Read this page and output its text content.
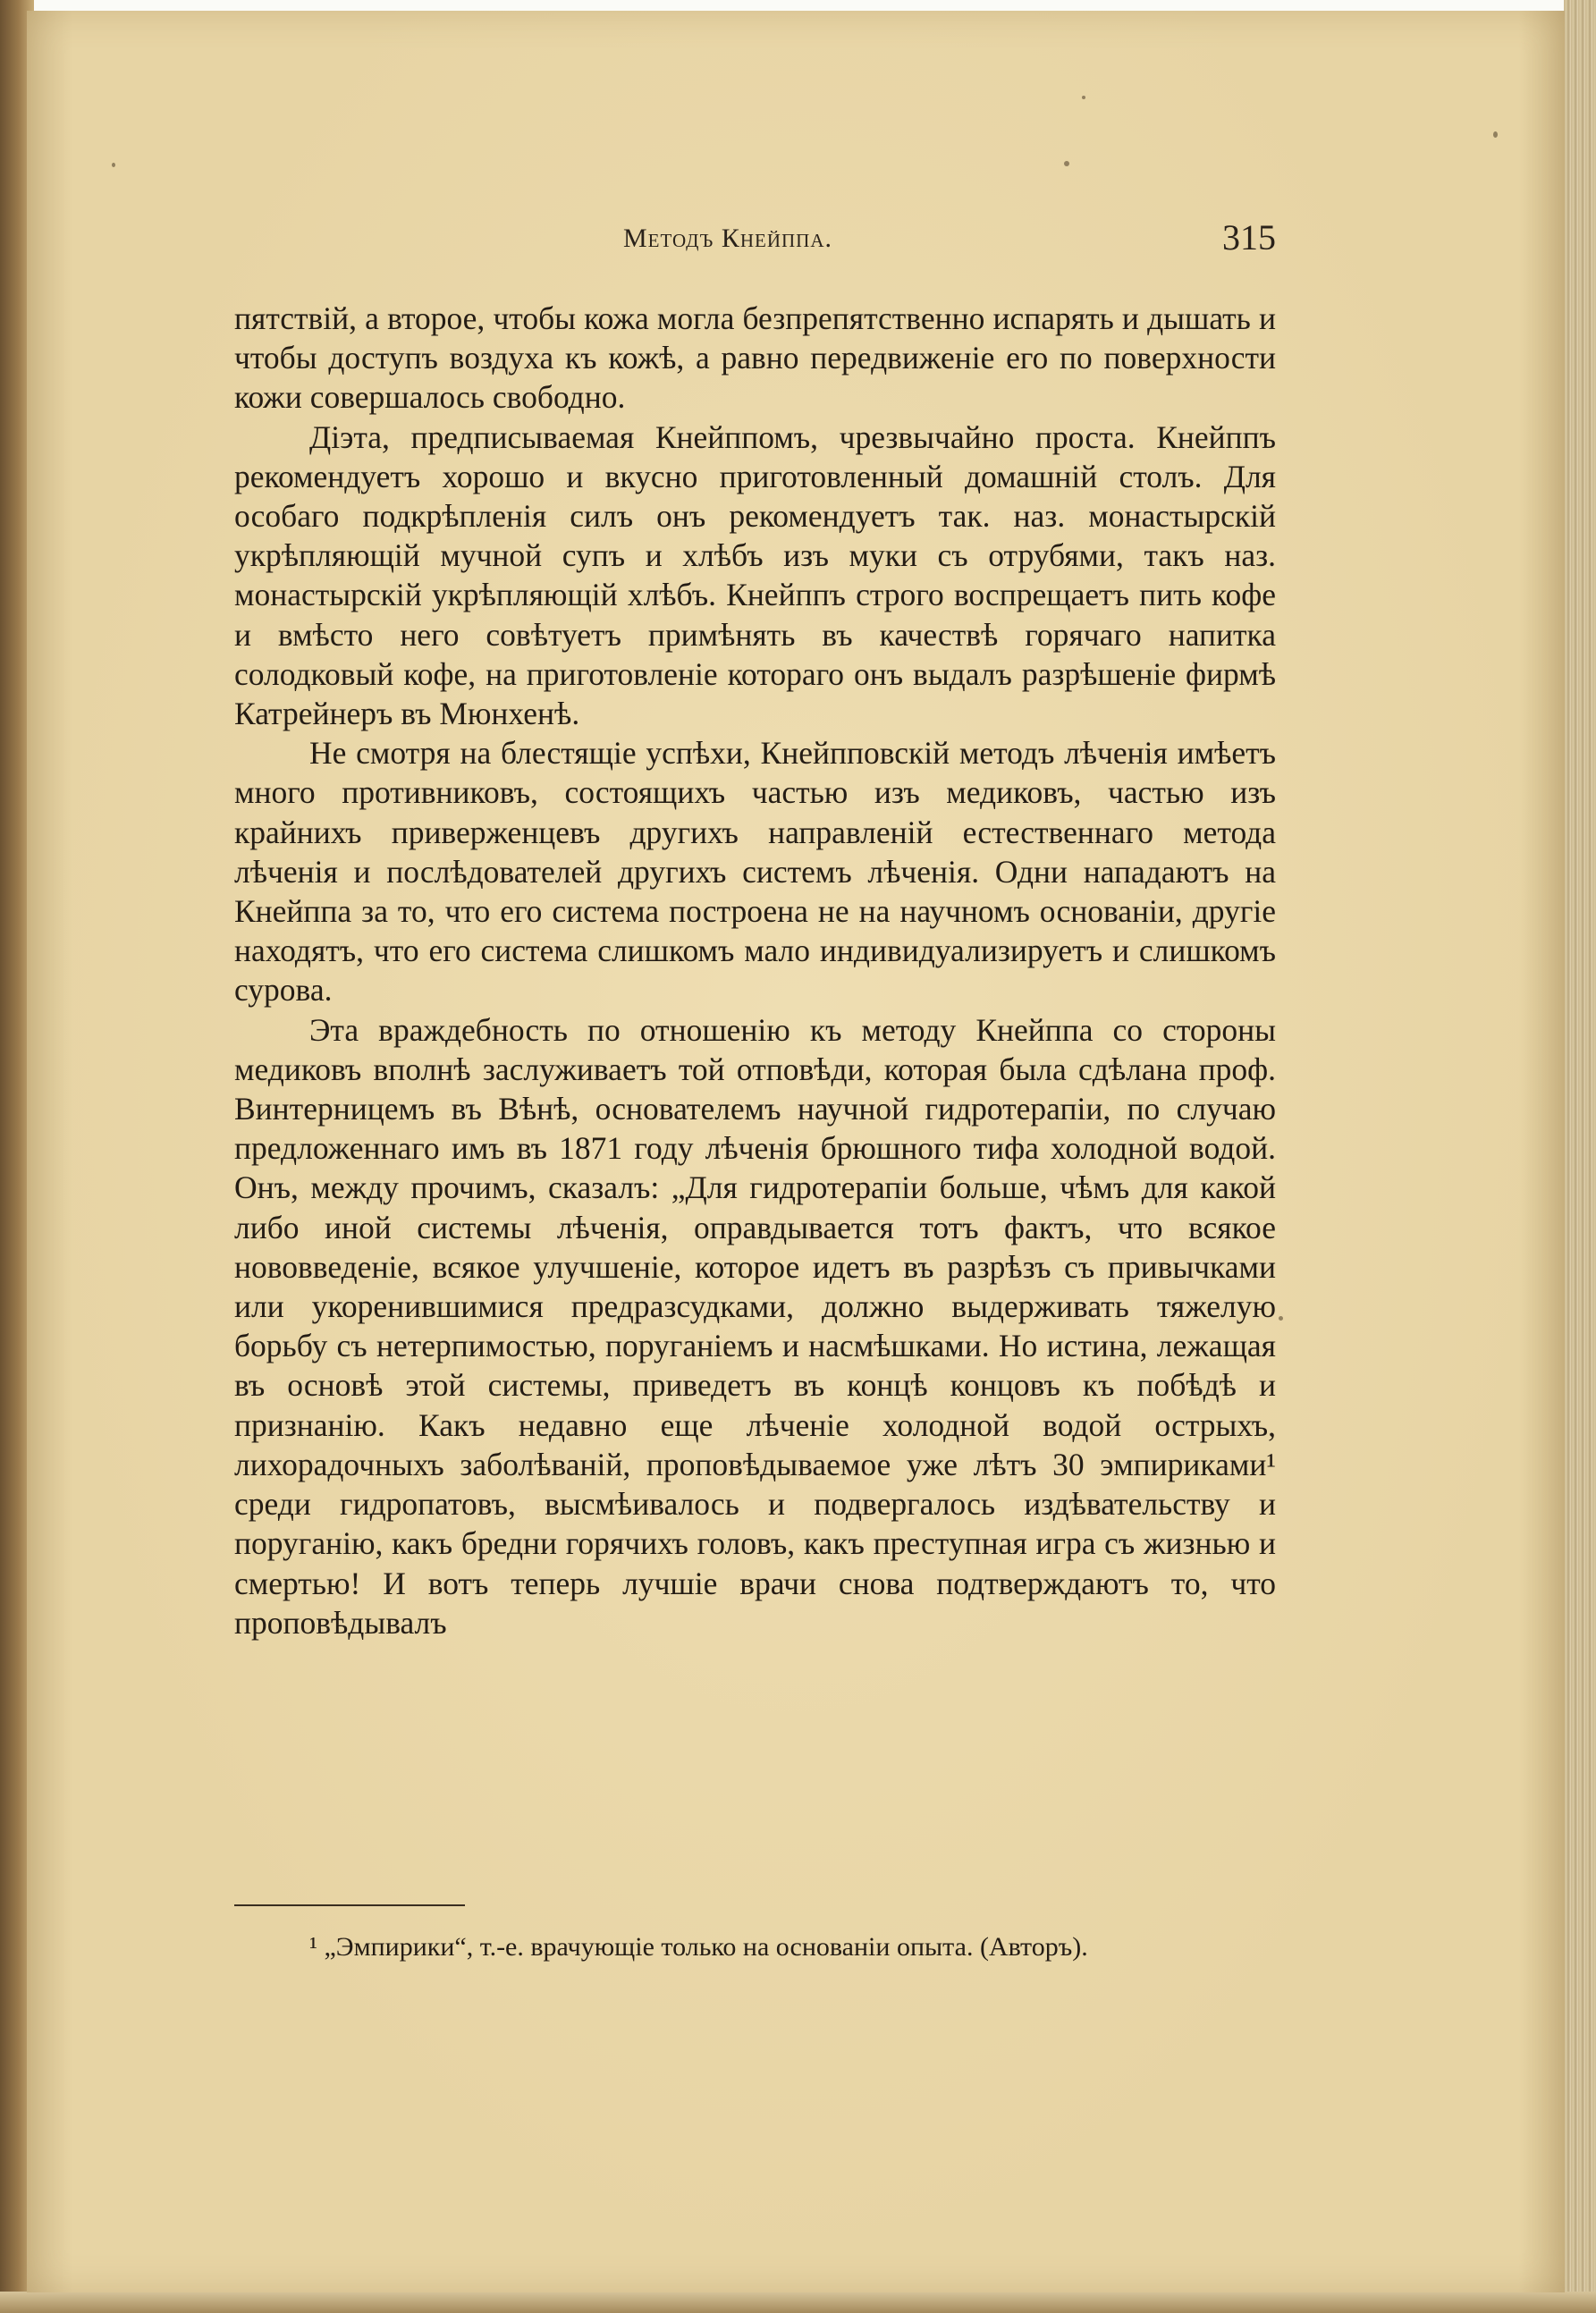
Методъ Кнейппа.	315

пятствій, а второе, чтобы кожа могла безпрепятственно испарять и дышать и чтобы доступъ воздуха къ кожѣ, а равно передвиженіе его по поверхности кожи совершалось свободно.

Діэта, предписываемая Кнейппомъ, чрезвычайно проста. Кнейппъ рекомендуетъ хорошо и вкусно приготовленный домашній столъ. Для особаго подкрѣпленія силъ онъ рекомендуетъ так. наз. монастырскій укрѣпляющій мучной супъ и хлѣбъ изъ муки съ отрубями, такъ наз. монастырскій укрѣпляющій хлѣбъ. Кнейппъ строго воспрещаетъ пить кофе и вмѣсто него совѣтуетъ примѣнять въ качествѣ горячаго напитка солодковый кофе, на приготовленіе котораго онъ выдалъ разрѣшеніе фирмѣ Катрейнеръ въ Мюнхенѣ.

Не смотря на блестящіе успѣхи, Кнейпповскій методъ лѣченія имѣетъ много противниковъ, состоящихъ частью изъ медиковъ, частью изъ крайнихъ приверженцевъ другихъ направленій естественнаго метода лѣченія и послѣдователей другихъ системъ лѣченія. Одни нападаютъ на Кнейппа за то, что его система построена не на научномъ основаніи, другіе находятъ, что его система слишкомъ мало индивидуализируетъ и слишкомъ сурова.

Эта враждебность по отношенію къ методу Кнейппа со стороны медиковъ вполнѣ заслуживаетъ той отповѣди, которая была сдѣлана проф. Винтерницемъ въ Вѣнѣ, основателемъ научной гидротерапіи, по случаю предложеннаго имъ въ 1871 году лѣченія брюшного тифа холодной водой. Онъ, между прочимъ, сказалъ: „Для гидротерапіи больше, чѣмъ для какой либо иной системы лѣченія, оправдывается тотъ фактъ, что всякое нововведеніе, всякое улучшеніе, которое идетъ въ разрѣзъ съ привычками или укоренившимися предразсудками, должно выдерживать тяжелую борьбу съ нетерпимостью, поруганіемъ и насмѣшками. Но истина, лежащая въ основѣ этой системы, приведетъ въ концѣ концовъ къ побѣдѣ и признанію. Какъ недавно еще лѣченіе холодной водой острыхъ, лихорадочныхъ заболѣваній, проповѣдываемое уже лѣтъ 30 эмпириками¹ среди гидропатовъ, высмѣивалось и подвергалось издѣвательству и поруганію, какъ бредни горячихъ головъ, какъ преступная игра съ жизнью и смертью! И вотъ теперь лучшіе врачи снова подтверждаютъ то, что проповѣдывалъ

¹ „Эмпирики“, т.-е. врачующіе только на основаніи опыта. (Авторъ).
